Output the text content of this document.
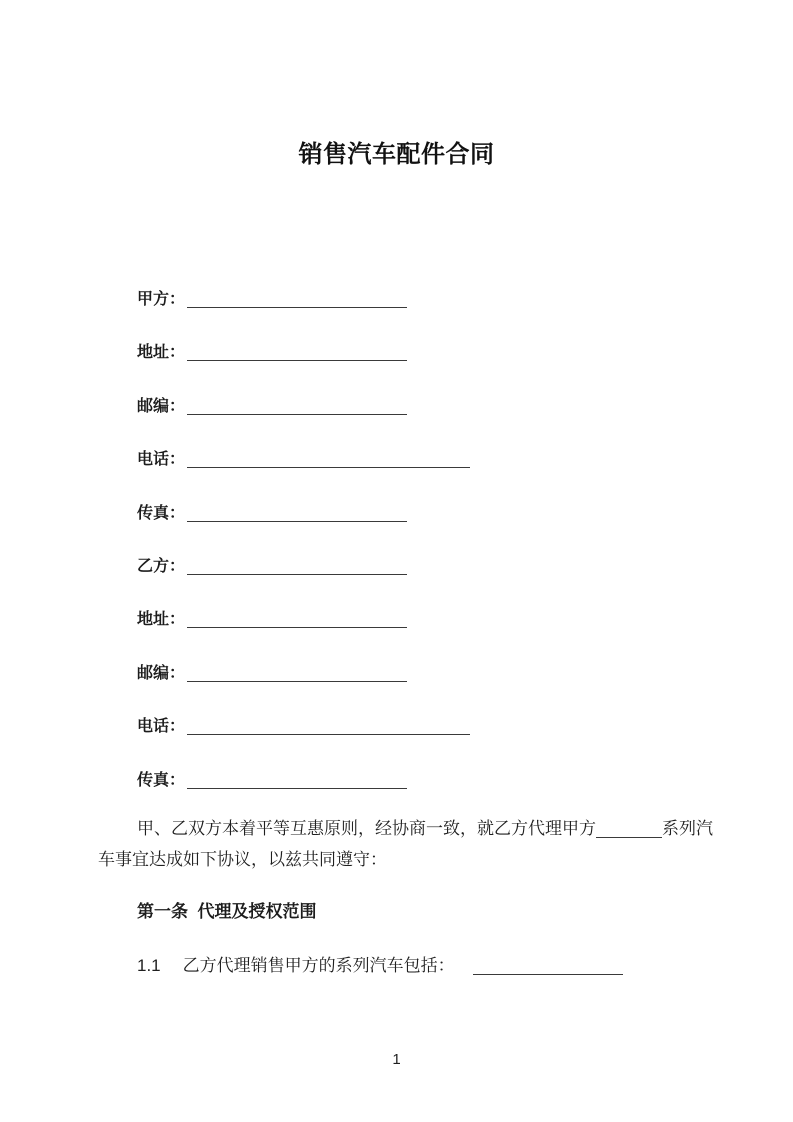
销售汽车配件合同
甲方：
地址：
邮编：
电话：
传真：
乙方：
地址：
邮编：
电话：
传真：

甲、乙双方本着平等互惠原则，经协商一致，就乙方代理甲方	系列汽
车事宜达成如下协议，以兹共同遵守：

第一条  代理及授权范围
1.1 乙方代理销售甲方的系列汽车包括：
1
